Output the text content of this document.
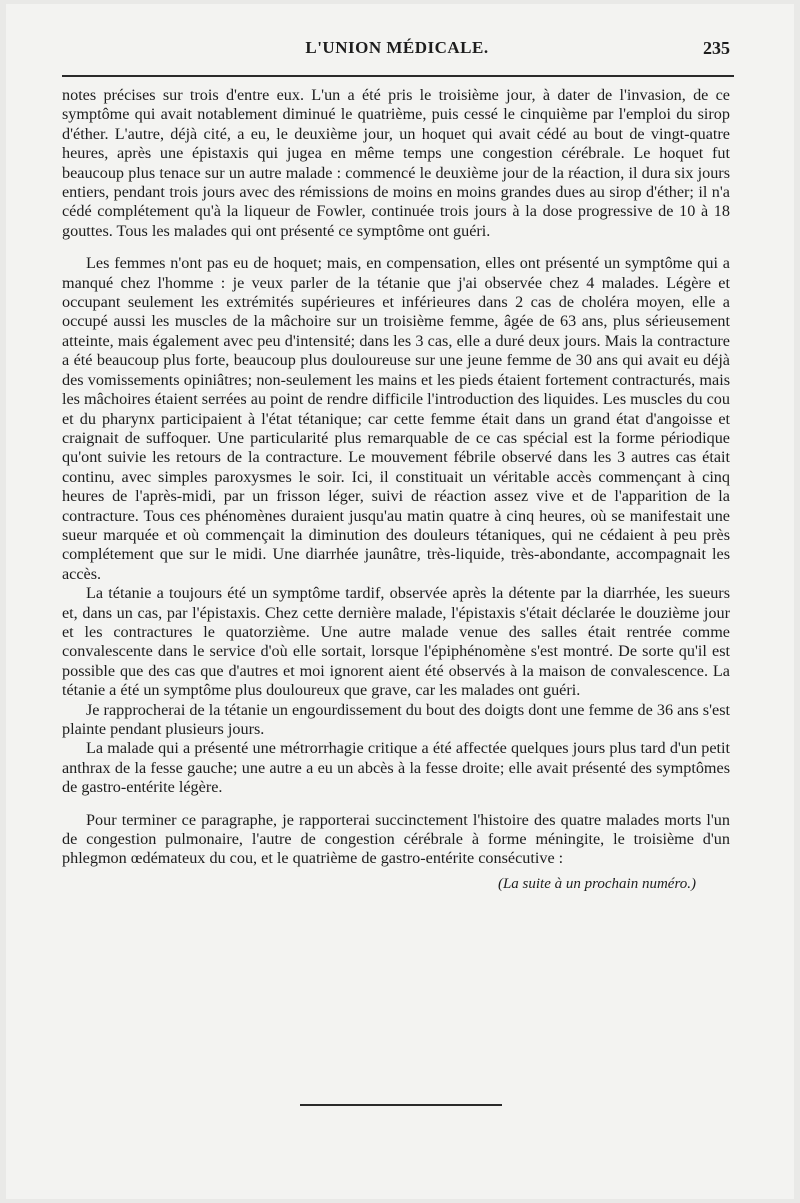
L'UNION MÉDICALE.	235

notes précises sur trois d'entre eux. L'un a été pris le troisième jour, à dater de l'invasion, de ce symptôme qui avait notablement diminué le quatrième, puis cessé le cinquième par l'emploi du sirop d'éther. L'autre, déjà cité, a eu, le deuxième jour, un hoquet qui avait cédé au bout de vingt-quatre heures, après une épistaxis qui jugea en même temps une congestion cérébrale. Le hoquet fut beaucoup plus tenace sur un autre malade : commencé le deuxième jour de la réaction, il dura six jours entiers, pendant trois jours avec des rémissions de moins en moins grandes dues au sirop d'éther; il n'a cédé complétement qu'à la liqueur de Fowler, continuée trois jours à la dose progressive de 10 à 18 gouttes. Tous les malades qui ont présenté ce symptôme ont guéri.

Les femmes n'ont pas eu de hoquet; mais, en compensation, elles ont présenté un symptôme qui a manqué chez l'homme : je veux parler de la tétanie que j'ai observée chez 4 malades. Légère et occupant seulement les extrémités supérieures et inférieures dans 2 cas de choléra moyen, elle a occupé aussi les muscles de la mâchoire sur un troisième femme, âgée de 63 ans, plus sérieusement atteinte, mais également avec peu d'intensité; dans les 3 cas, elle a duré deux jours. Mais la contracture a été beaucoup plus forte, beaucoup plus douloureuse sur une jeune femme de 30 ans qui avait eu déjà des vomissements opiniâtres; non-seulement les mains et les pieds étaient fortement contracturés, mais les mâchoires étaient serrées au point de rendre difficile l'introduction des liquides. Les muscles du cou et du pharynx participaient à l'état tétanique; car cette femme était dans un grand état d'angoisse et craignait de suffoquer. Une particularité plus remarquable de ce cas spécial est la forme périodique qu'ont suivie les retours de la contracture. Le mouvement fébrile observé dans les 3 autres cas était continu, avec simples paroxysmes le soir. Ici, il constituait un véritable accès commençant à cinq heures de l'après-midi, par un frisson léger, suivi de réaction assez vive et de l'apparition de la contracture. Tous ces phénomènes duraient jusqu'au matin quatre à cinq heures, où se manifestait une sueur marquée et où commençait la diminution des douleurs tétaniques, qui ne cédaient à peu près complétement que sur le midi. Une diarrhée jaunâtre, très-liquide, très-abondante, accompagnait les accès.

La tétanie a toujours été un symptôme tardif, observée après la détente par la diarrhée, les sueurs et, dans un cas, par l'épistaxis. Chez cette dernière malade, l'épistaxis s'était déclarée le douzième jour et les contractures le quatorzième. Une autre malade venue des salles était rentrée comme convalescente dans le service d'où elle sortait, lorsque l'épiphénomène s'est montré. De sorte qu'il est possible que des cas que d'autres et moi ignorent aient été observés à la maison de convalescence. La tétanie a été un symptôme plus douloureux que grave, car les malades ont guéri.

Je rapprocherai de la tétanie un engourdissement du bout des doigts dont une femme de 36 ans s'est plainte pendant plusieurs jours.

La malade qui a présenté une métrorrhagie critique a été affectée quelques jours plus tard d'un petit anthrax de la fesse gauche; une autre a eu un abcès à la fesse droite; elle avait présenté des symptômes de gastro-entérite légère.

Pour terminer ce paragraphe, je rapporterai succinctement l'histoire des quatre malades morts l'un de congestion pulmonaire, l'autre de congestion cérébrale à forme méningite, le troisième d'un phlegmon œdémateux du cou, et le quatrième de gastro-entérite consécutive :

(La suite à un prochain numéro.)
